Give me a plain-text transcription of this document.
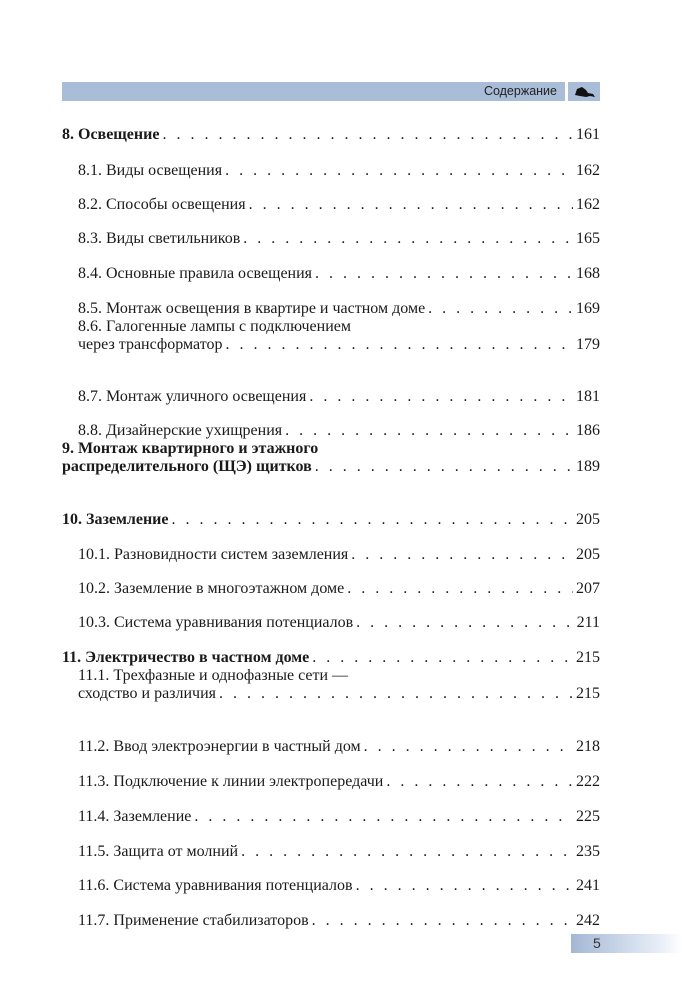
Содержание
8. Освещение . . .	161
8.1. Виды освещения . . .	162
8.2. Способы освещения . . .	162
8.3. Виды светильников . . .	165
8.4. Основные правила освещения . . .	168
8.5. Монтаж освещения в квартире и частном доме . . .	169
8.6. Галогенные лампы с подключением
через трансформатор . . .	179
8.7. Монтаж уличного освещения . . .	181
8.8. Дизайнерские ухищрения . . .	186
9. Монтаж квартирного и этажного
распределительного (ЩЭ) щитков . . .	189
10. Заземление . . .	205
10.1. Разновидности систем заземления . . .	205
10.2. Заземление в многоэтажном доме . . .	207
10.3. Система уравнивания потенциалов . . .	211
11. Электричество в частном доме . . .	215
11.1. Трехфазные и однофазные сети —
сходство и различия . . .	215
11.2. Ввод электроэнергии в частный дом . . .	218
11.3. Подключение к линии электропередачи . . .	222
11.4. Заземление . . .	225
11.5. Защита от молний . . .	235
11.6. Система уравнивания потенциалов . . .	241
11.7. Применение стабилизаторов . . .	242
5
